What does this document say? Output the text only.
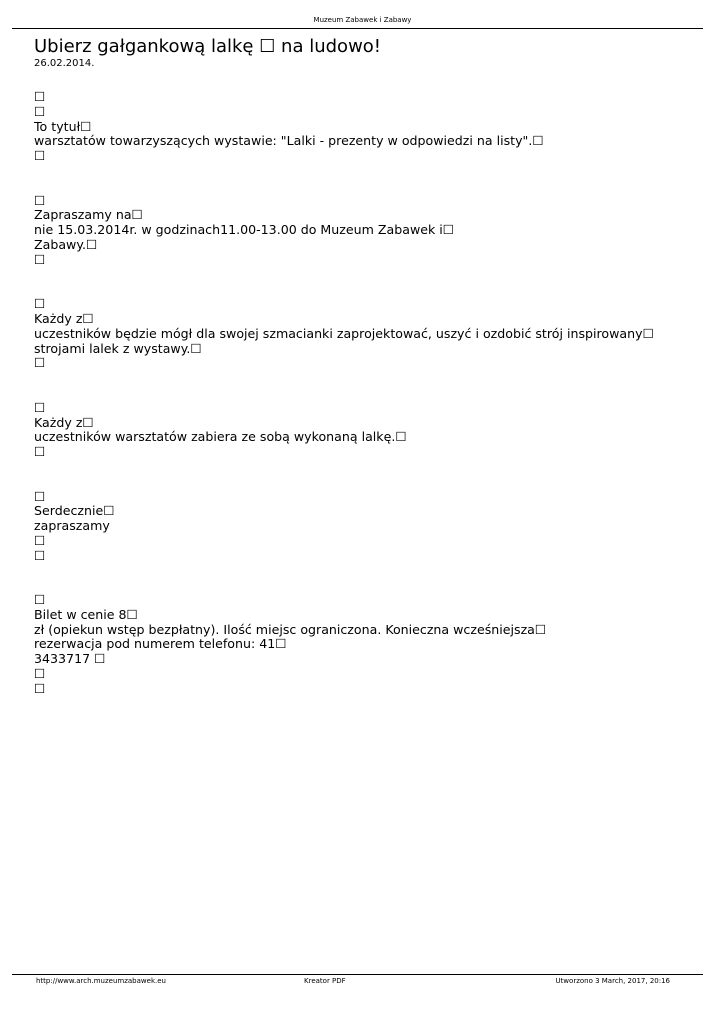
Muzeum Zabawek i Zabawy
Ubierz gałgankową lalkę ☐ na ludowo!
26.02.2014.
☐
☐
To tytuł☐
warsztatów towarzyszących wystawie: "Lalki - prezenty w odpowiedzi na listy".☐
☐
☐
Zapraszamy na☐
nie 15.03.2014r. w godzinach11.00-13.00 do Muzeum Zabawek i☐
Zabawy.☐
☐
☐
Każdy z☐
uczestników będzie mógł dla swojej szmacianki zaprojektować, uszyć i ozdobić strój inspirowany☐
strojami lalek z wystawy.☐
☐
☐
Każdy z☐
uczestników warsztatów zabiera ze sobą wykonaną lalkę.☐
☐
☐
Serdecznie☐
zapraszamy
☐
☐
☐
Bilet w cenie 8☐
zł (opiekun wstęp bezpłatny). Ilość miejsc ograniczona. Konieczna wcześniejsza☐
rezerwacja pod numerem telefonu: 41☐
3433717 ☐
☐
☐
http://www.arch.muzeumzabawek.eu	Kreator PDF	Utworzono 3 March, 2017, 20:16
